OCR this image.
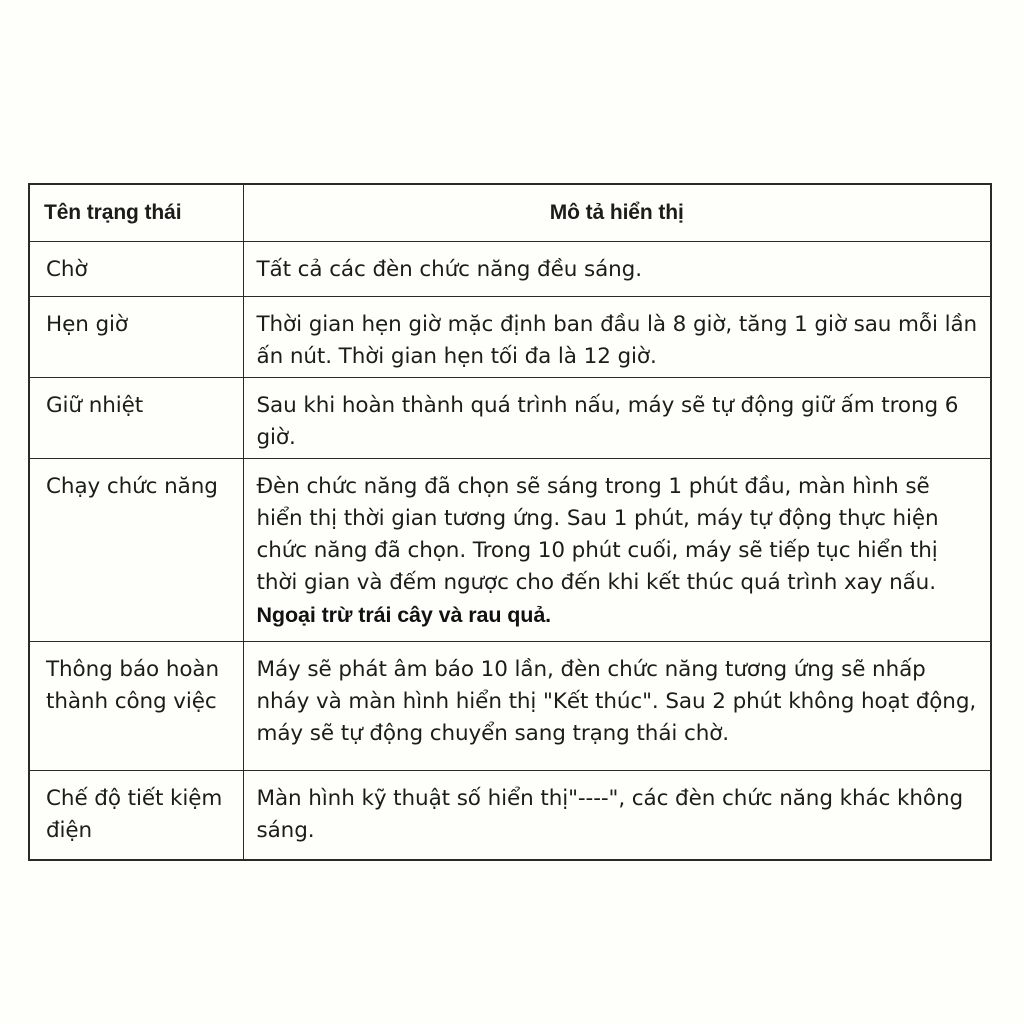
Tên trạng thái	Mô tả hiển thị
Chờ	Tất cả các đèn chức năng đều sáng.
Hẹn giờ	Thời gian hẹn giờ mặc định ban đầu là 8 giờ, tăng 1 giờ sau mỗi lần ấn nút. Thời gian hẹn tối đa là 12 giờ.
Giữ nhiệt	Sau khi hoàn thành quá trình nấu, máy sẽ tự động giữ ấm trong 6 giờ.
Chạy chức năng	Đèn chức năng đã chọn sẽ sáng trong 1 phút đầu, màn hình sẽ hiển thị thời gian tương ứng. Sau 1 phút, máy tự động thực hiện chức năng đã chọn. Trong 10 phút cuối, máy sẽ tiếp tục hiển thị thời gian và đếm ngược cho đến khi kết thúc quá trình xay nấu. Ngoại trừ trái cây và rau quả.
Thông báo hoàn thành công việc	Máy sẽ phát âm báo 10 lần, đèn chức năng tương ứng sẽ nhấp nháy và màn hình hiển thị "Kết thúc". Sau 2 phút không hoạt động, máy sẽ tự động chuyển sang trạng thái chờ.
Chế độ tiết kiệm điện	Màn hình kỹ thuật số hiển thị"----", các đèn chức năng khác không sáng.
